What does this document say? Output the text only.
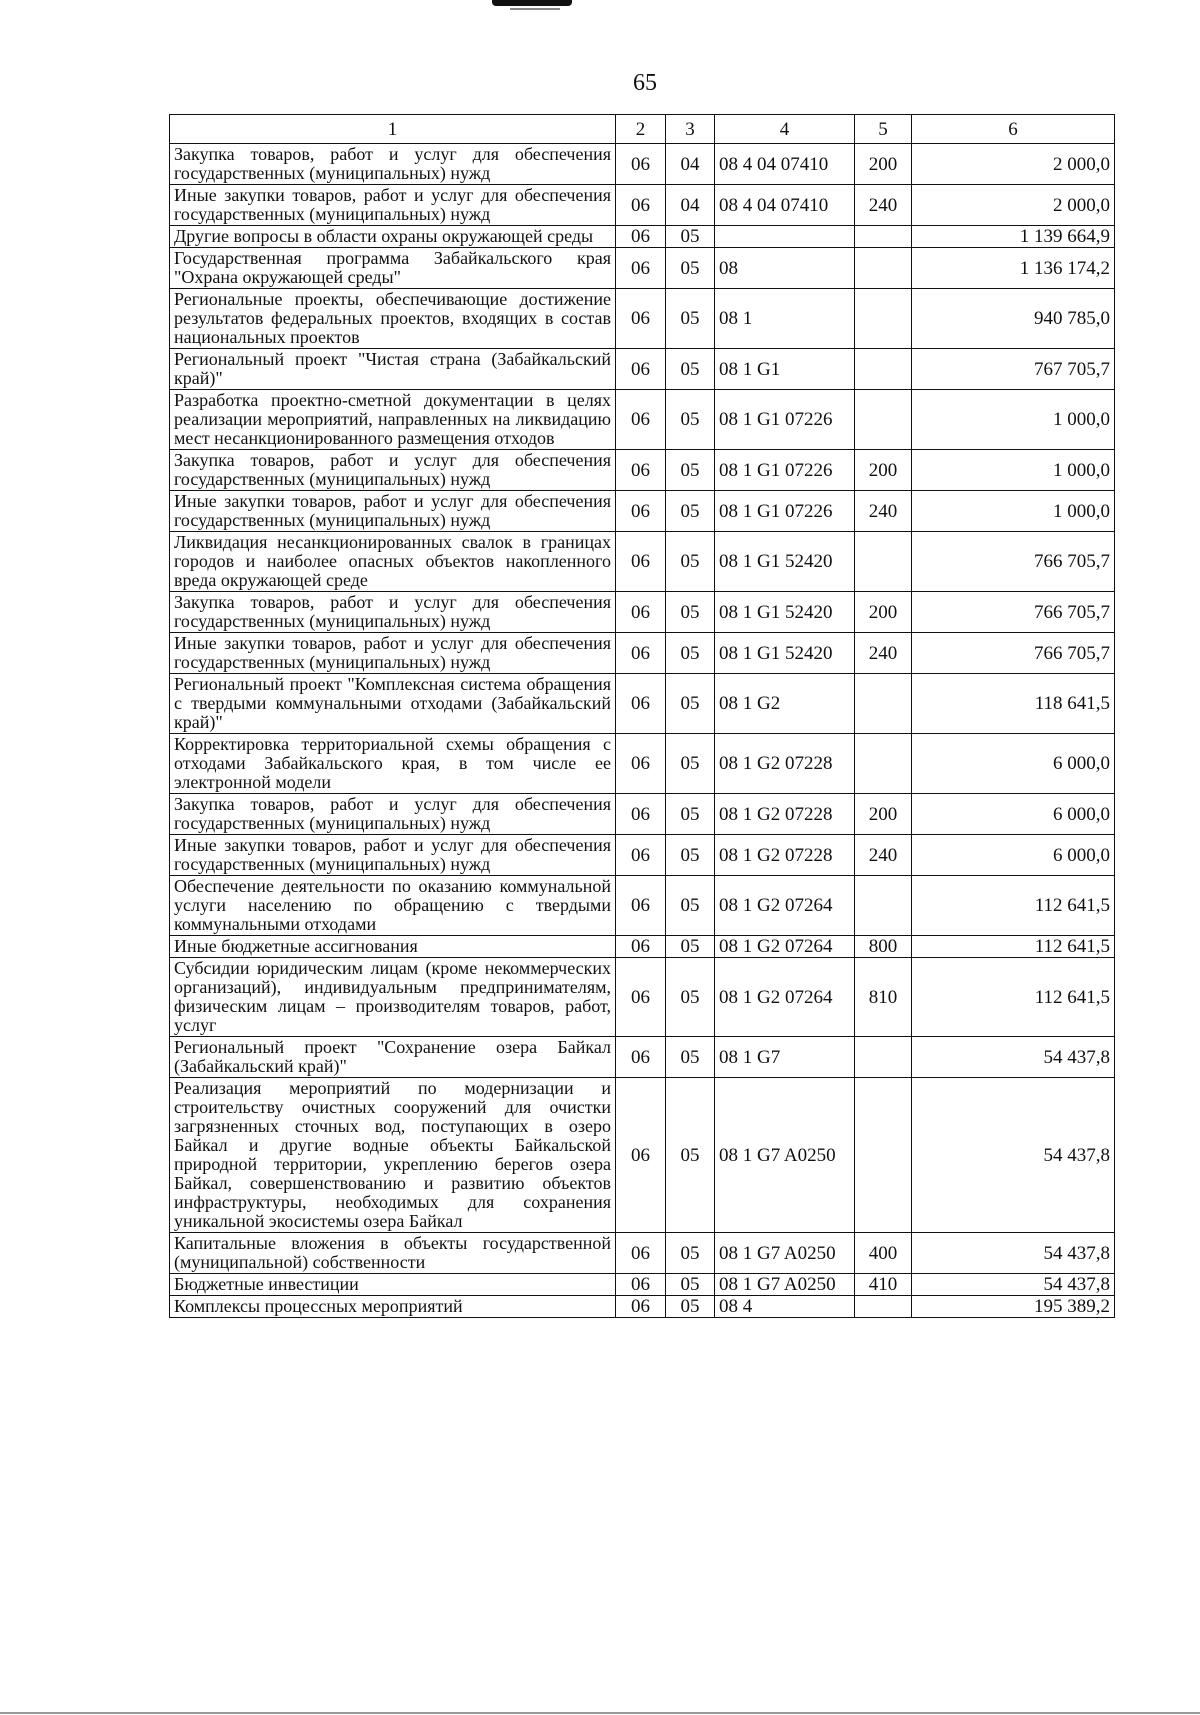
65
1	2	3	4	5	6
Закупка товаров, работ и услуг для обеспечения государственных (муниципальных) нужд	06	04	08 4 04 07410	200	2 000,0
Иные закупки товаров, работ и услуг для обеспечения государственных (муниципальных) нужд	06	04	08 4 04 07410	240	2 000,0
Другие вопросы в области охраны окружающей среды	06	05			1 139 664,9
Государственная программа Забайкальского края "Охрана окружающей среды"	06	05	08		1 136 174,2
Региональные проекты, обеспечивающие достижение результатов федеральных проектов, входящих в состав национальных проектов	06	05	08 1		940 785,0
Региональный проект "Чистая страна (Забайкальский край)"	06	05	08 1 G1		767 705,7
Разработка проектно-сметной документации в целях реализации мероприятий, направленных на ликвидацию мест несанкционированного размещения отходов	06	05	08 1 G1 07226		1 000,0
Закупка товаров, работ и услуг для обеспечения государственных (муниципальных) нужд	06	05	08 1 G1 07226	200	1 000,0
Иные закупки товаров, работ и услуг для обеспечения государственных (муниципальных) нужд	06	05	08 1 G1 07226	240	1 000,0
Ликвидация несанкционированных свалок в границах городов и наиболее опасных объектов накопленного вреда окружающей среде	06	05	08 1 G1 52420		766 705,7
Закупка товаров, работ и услуг для обеспечения государственных (муниципальных) нужд	06	05	08 1 G1 52420	200	766 705,7
Иные закупки товаров, работ и услуг для обеспечения государственных (муниципальных) нужд	06	05	08 1 G1 52420	240	766 705,7
Региональный проект "Комплексная система обращения с твердыми коммунальными отходами (Забайкальский край)"	06	05	08 1 G2		118 641,5
Корректировка территориальной схемы обращения с отходами Забайкальского края, в том числе ее электронной модели	06	05	08 1 G2 07228		6 000,0
Закупка товаров, работ и услуг для обеспечения государственных (муниципальных) нужд	06	05	08 1 G2 07228	200	6 000,0
Иные закупки товаров, работ и услуг для обеспечения государственных (муниципальных) нужд	06	05	08 1 G2 07228	240	6 000,0
Обеспечение деятельности по оказанию коммунальной услуги населению по обращению с твердыми коммунальными отходами	06	05	08 1 G2 07264		112 641,5
Иные бюджетные ассигнования	06	05	08 1 G2 07264	800	112 641,5
Субсидии юридическим лицам (кроме некоммерческих организаций), индивидуальным предпринимателям, физическим лицам – производителям товаров, работ, услуг	06	05	08 1 G2 07264	810	112 641,5
Региональный проект "Сохранение озера Байкал (Забайкальский край)"	06	05	08 1 G7		54 437,8
Реализация мероприятий по модернизации и строительству очистных сооружений для очистки загрязненных сточных вод, поступающих в озеро Байкал и другие водные объекты Байкальской природной территории, укреплению берегов озера Байкал, совершенствованию и развитию объектов инфраструктуры, необходимых для сохранения уникальной экосистемы озера Байкал	06	05	08 1 G7 A0250		54 437,8
Капитальные вложения в объекты государственной (муниципальной) собственности	06	05	08 1 G7 A0250	400	54 437,8
Бюджетные инвестиции	06	05	08 1 G7 A0250	410	54 437,8
Комплексы процессных мероприятий	06	05	08 4		195 389,2
